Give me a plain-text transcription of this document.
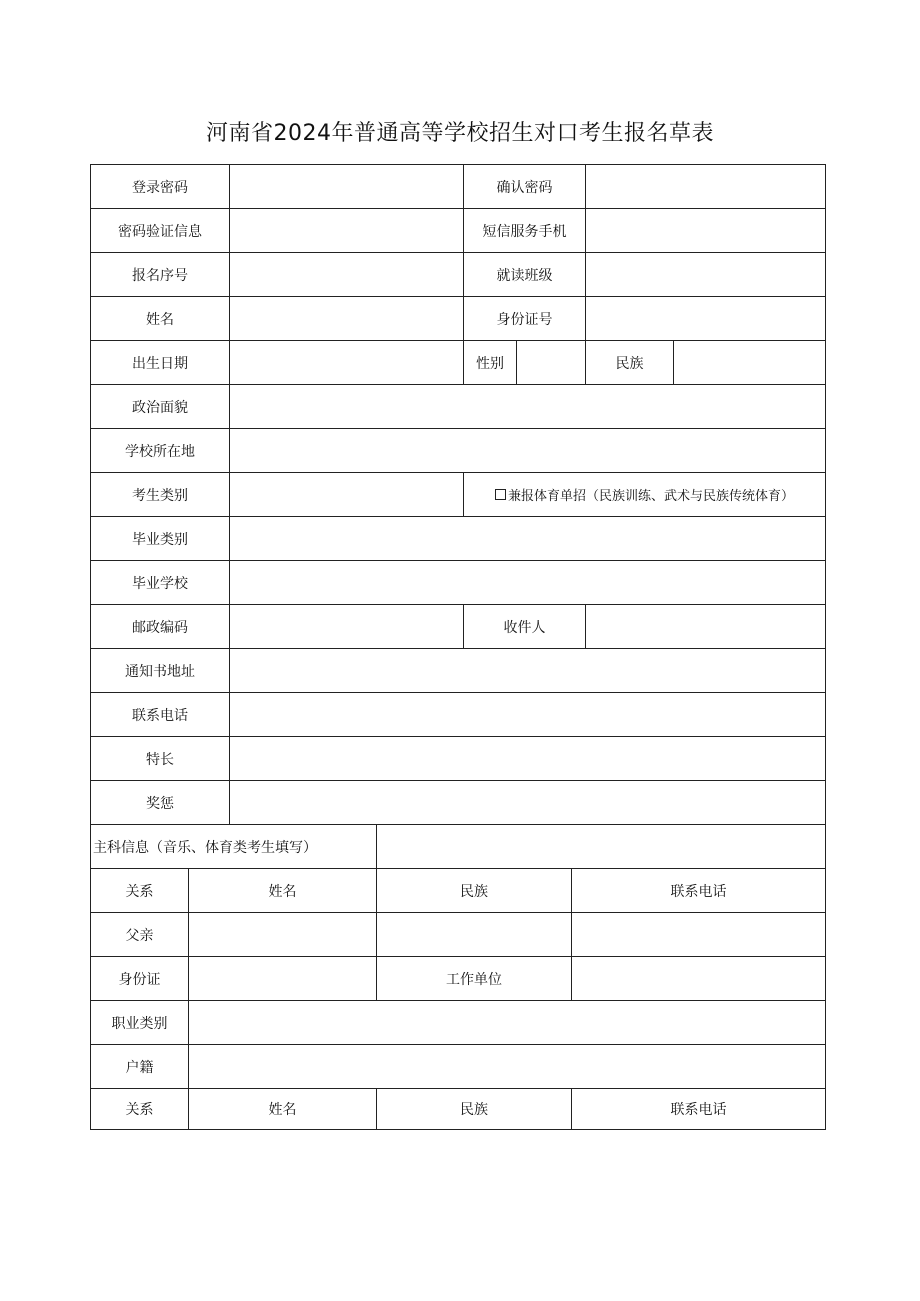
河南省2024年普通高等学校招生对口考生报名草表
登录密码	确认密码
密码验证信息	短信服务手机
报名序号	就读班级
姓名	身份证号
出生日期	性别	民族
政治面貌
学校所在地
考生类别	兼报体育单招（民族训练、武术与民族传统体育）
毕业类别
毕业学校
邮政编码	收件人
通知书地址
联系电话
特长
奖惩
主科信息（音乐、体育类考生填写）
关系	姓名	民族	联系电话
父亲
身份证	工作单位
职业类别
户籍
关系	姓名	民族	联系电话
